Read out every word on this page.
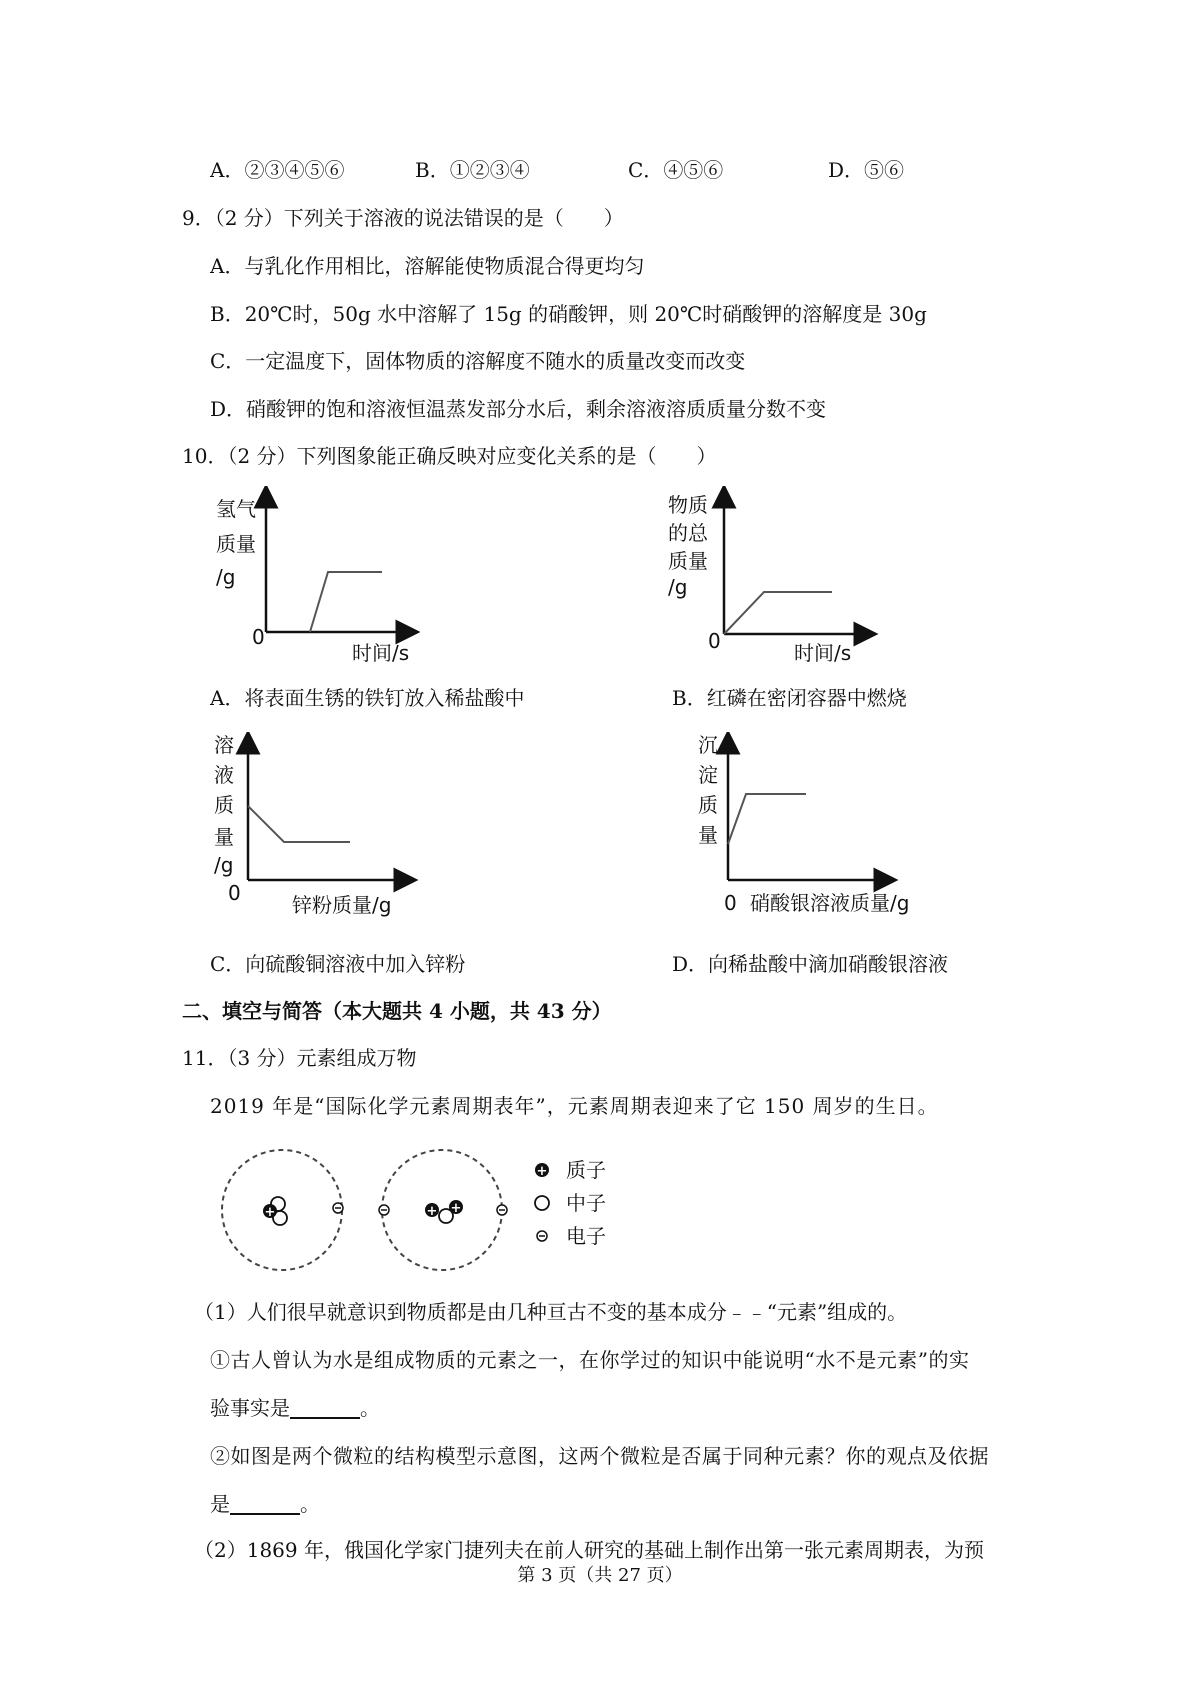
A．②③④⑤⑥	B．①②③④	C．④⑤⑥	D．⑤⑥
9．（2 分）下列关于溶液的说法错误的是（　　）
A．与乳化作用相比，溶解能使物质混合得更均匀
B．20℃时，50g 水中溶解了 15g 的硝酸钾，则 20℃时硝酸钾的溶解度是 30g
C．一定温度下，固体物质的溶解度不随水的质量改变而改变
D．硝酸钾的饱和溶液恒温蒸发部分水后，剩余溶液溶质质量分数不变
10．（2 分）下列图象能正确反映对应变化关系的是（　　）
氢气
质量
/g
0
时间/s
A．将表面生锈的铁钉放入稀盐酸中
物质
的总
质量
/g
0	时间/s
B．红磷在密闭容器中燃烧
溶
液
质
量
/g
0	锌粉质量/g
C．向硫酸铜溶液中加入锌粉
沉
淀
质
量
0 硝酸银溶液质量/g
D．向稀盐酸中滴加硝酸银溶液
二、填空与简答（本大题共 4 小题，共 43 分）
11．（3 分）元素组成万物
2019 年是“国际化学元素周期表年”，元素周期表迎来了它 150 周岁的生日。
+	+ +
+ 质子
中子
电子
（1）人们很早就意识到物质都是由几种亘古不变的基本成分﹣﹣“元素”组成的。
①古人曾认为水是组成物质的元素之一，在你学过的知识中能说明“水不是元素”的实
验事实是	。
②如图是两个微粒的结构模型示意图，这两个微粒是否属于同种元素？你的观点及依据
是	。
（2）1869 年，俄国化学家门捷列夫在前人研究的基础上制作出第一张元素周期表，为预
第 3 页（共 27 页）
